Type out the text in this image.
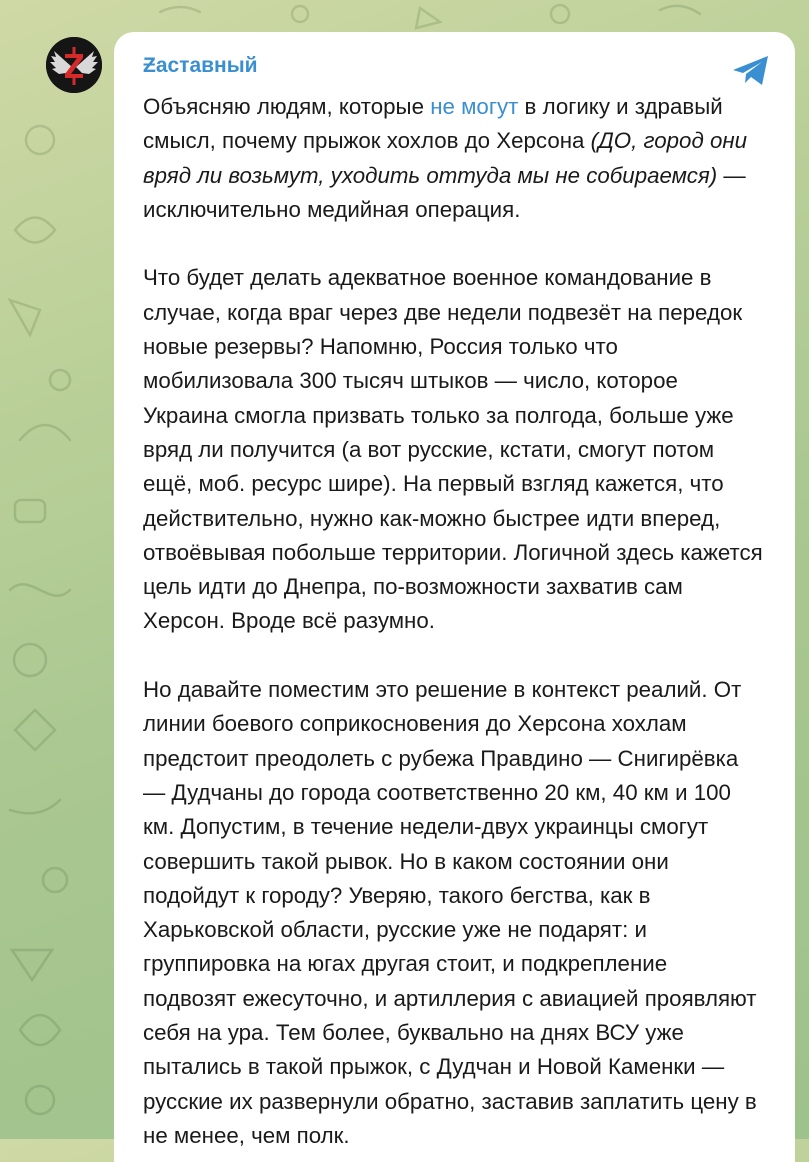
Ƶаставный

Объясняю людям, которые не могут в логику и здравый смысл, почему прыжок хохлов до Херсона (ДО, город они вряд ли возьмут, уходить оттуда мы не собираемся) — исключительно медийная операция.

Что будет делать адекватное военное командование в случае, когда враг через две недели подвезёт на передок новые резервы? Напомню, Россия только что мобилизовала 300 тысяч штыков — число, которое Украина смогла призвать только за полгода, больше уже вряд ли получится (а вот русские, кстати, смогут потом ещё, моб. ресурс шире). На первый взгляд кажется, что действительно, нужно как-можно быстрее идти вперед, отвоёвывая побольше территории. Логичной здесь кажется цель идти до Днепра, по-возможности захватив сам Херсон. Вроде всё разумно.

Но давайте поместим это решение в контекст реалий. От линии боевого соприкосновения до Херсона хохлам предстоит преодолеть с рубежа Правдино — Снигирёвка — Дудчаны до города соответственно 20 км, 40 км и 100 км. Допустим, в течение недели-двух украинцы смогут совершить такой рывок. Но в каком состоянии они подойдут к городу? Уверяю, такого бегства, как в Харьковской области, русские уже не подарят: и группировка на югах другая стоит, и подкрепление подвозят ежесуточно, и артиллерия с авиацией проявляют себя на ура. Тем более, буквально на днях ВСУ уже пытались в такой прыжок, с Дудчан и Новой Каменки — русские их развернули обратно, заставив заплатить цену в не менее, чем полк.
